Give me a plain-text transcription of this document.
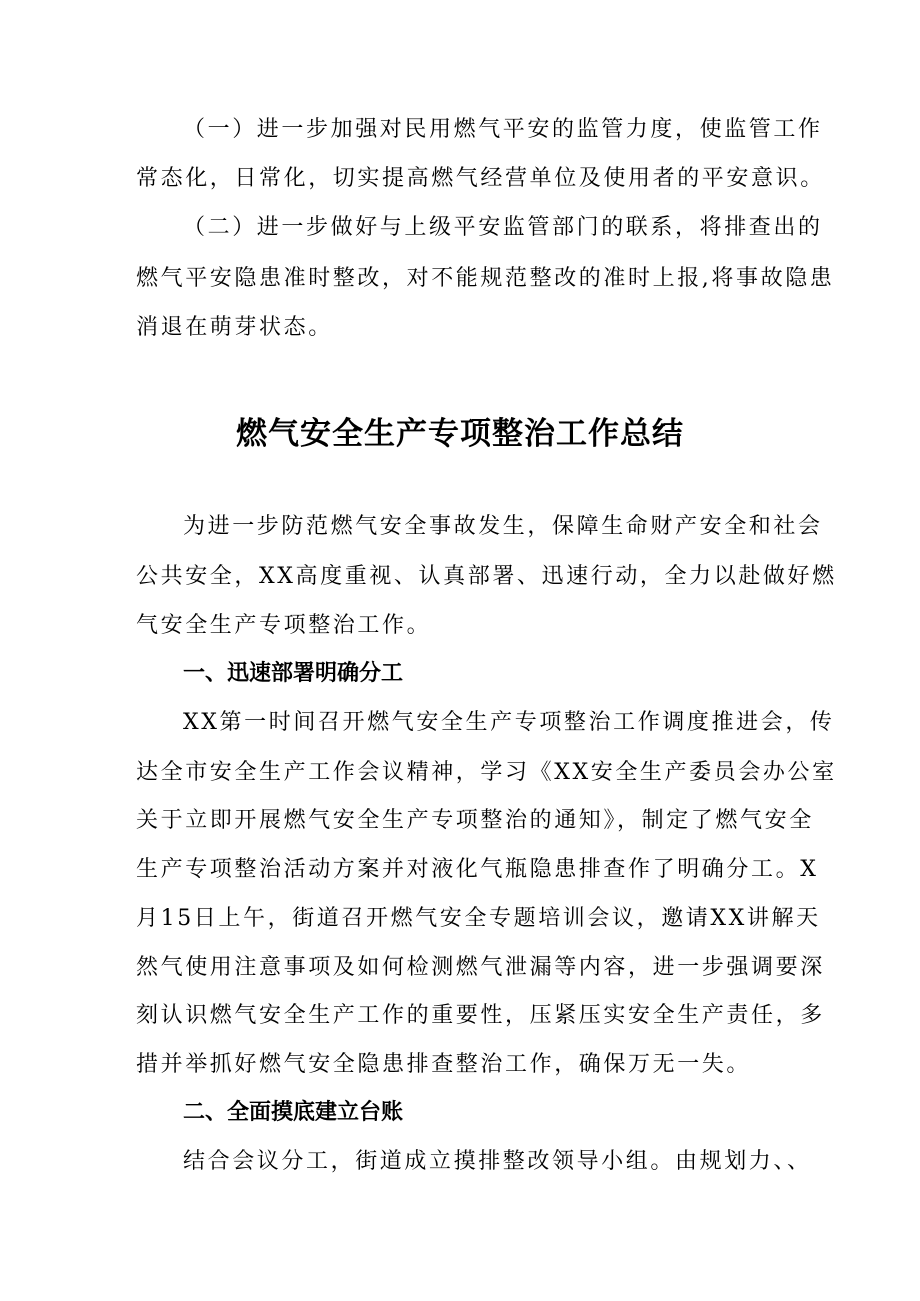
（一）进一步加强对民用燃气平安的监管力度，使监管工作
常态化，日常化，切实提高燃气经营单位及使用者的平安意识。
（二）进一步做好与上级平安监管部门的联系，将排查出的
燃气平安隐患准时整改，对不能规范整改的准时上报,将事故隐患
消退在萌芽状态。
燃气安全生产专项整治工作总结
为进一步防范燃气安全事故发生，保障生命财产安全和社会
公共安全，XX高度重视、认真部署、迅速行动，全力以赴做好燃
气安全生产专项整治工作。
一、迅速部署明确分工
XX第一时间召开燃气安全生产专项整治工作调度推进会，传
达全市安全生产工作会议精神，学习《XX安全生产委员会办公室
关于立即开展燃气安全生产专项整治的通知》，制定了燃气安全
生产专项整治活动方案并对液化气瓶隐患排查作了明确分工。X
月15日上午，街道召开燃气安全专题培训会议，邀请XX讲解天
然气使用注意事项及如何检测燃气泄漏等内容，进一步强调要深
刻认识燃气安全生产工作的重要性，压紧压实安全生产责任，多
措并举抓好燃气安全隐患排查整治工作，确保万无一失。
二、全面摸底建立台账
结合会议分工，街道成立摸排整改领导小组。由规划力、、
